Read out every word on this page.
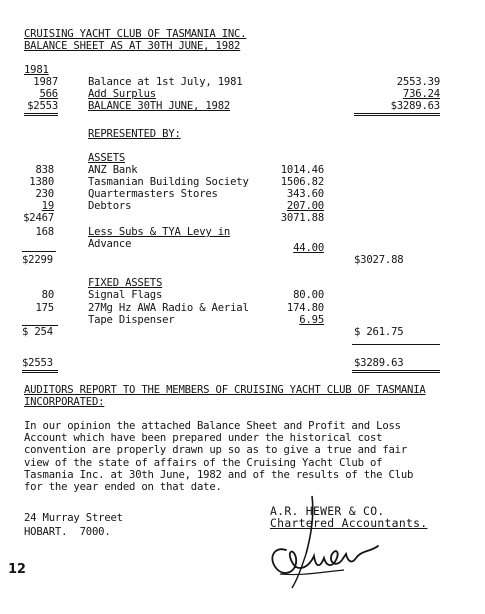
CRUISING YACHT CLUB OF TASMANIA INC.
BALANCE SHEET AS AT 30TH JUNE, 1982
1981
1987	Balance at 1st July, 1981	2553.39
566	Add Surplus	736.24
$2553	BALANCE 30TH JUNE, 1982	$3289.63
REPRESENTED BY:
ASSETS
838	ANZ Bank	1014.46
1380	Tasmanian Building Society	1506.82
230	Quartermasters Stores	343.60
19	Debtors	207.00
$2467	3071.88
168	Less Subs & TYA Levy in
Advance	44.00
$2299	$3027.88
FIXED ASSETS
80	Signal Flags	80.00
175	27Mg Hz AWA Radio & Aerial	174.80
Tape Dispenser	6.95
$ 254	$ 261.75
$2553	$3289.63
AUDITORS REPORT TO THE MEMBERS OF CRUISING YACHT CLUB OF TASMANIA
INCORPORATED:
In our opinion the attached Balance Sheet and Profit and Loss
Account which have been prepared under the historical cost
convention are properly drawn up so as to give a true and fair
view of the state of affairs of the Cruising Yacht Club of
Tasmania Inc. at 30th June, 1982 and of the results of the Club
for the year ended on that date.
24 Murray Street
HOBART.  7000.
A.R. HEWER & CO.
Chartered Accountants.
12
